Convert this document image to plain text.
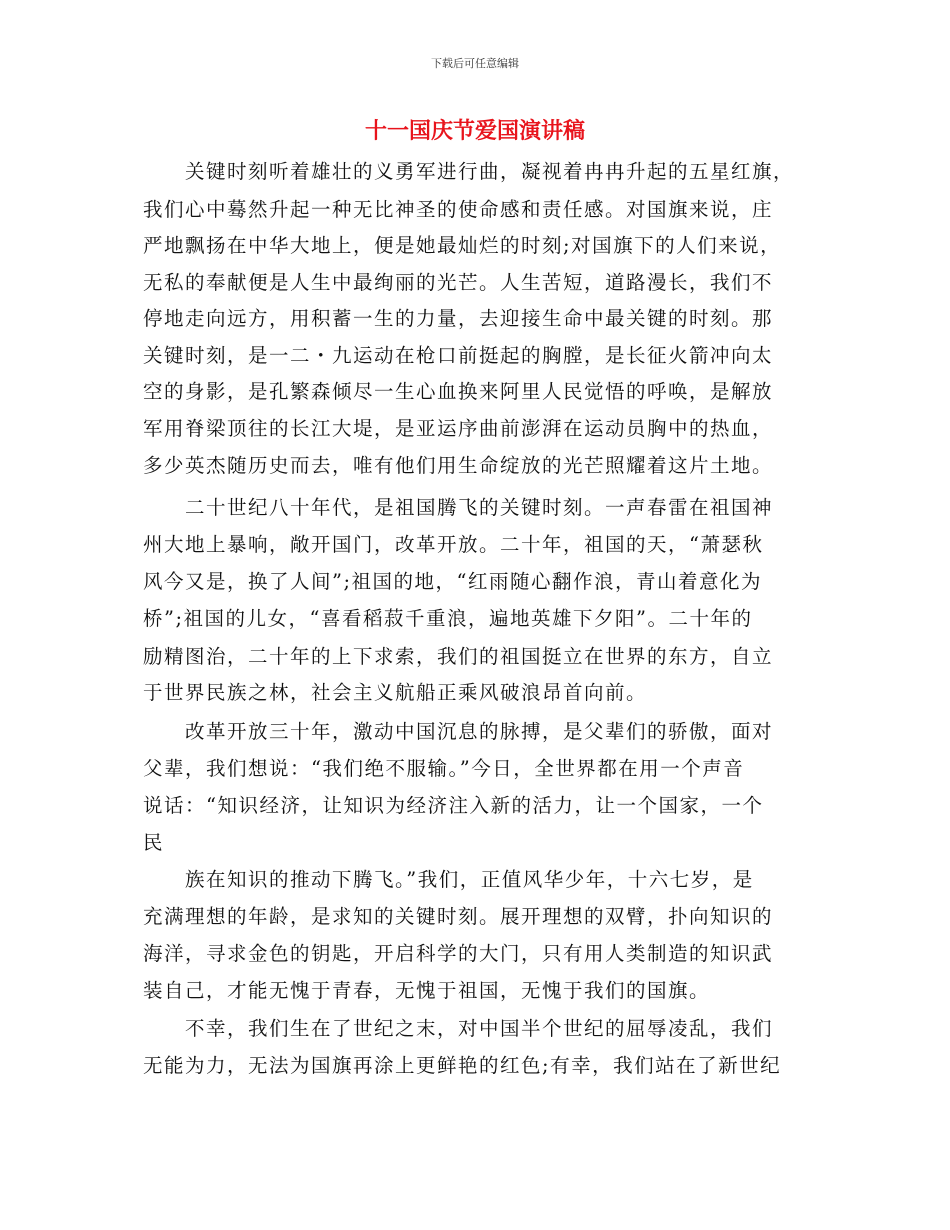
下载后可任意编辑
十一国庆节爱国演讲稿
关键时刻听着雄壮的义勇军进行曲，凝视着冉冉升起的五星红旗，
我们心中蓦然升起一种无比神圣的使命感和责任感。对国旗来说，庄
严地飘扬在中华大地上，便是她最灿烂的时刻;对国旗下的人们来说，
无私的奉献便是人生中最绚丽的光芒。人生苦短，道路漫长，我们不
停地走向远方，用积蓄一生的力量，去迎接生命中最关键的时刻。那
关键时刻，是一二・九运动在枪口前挺起的胸膛，是长征火箭冲向太
空的身影，是孔繁森倾尽一生心血换来阿里人民觉悟的呼唤，是解放
军用脊梁顶往的长江大堤，是亚运序曲前澎湃在运动员胸中的热血，
多少英杰随历史而去，唯有他们用生命绽放的光芒照耀着这片土地。
二十世纪八十年代，是祖国腾飞的关键时刻。一声春雷在祖国神
州大地上暴响，敞开国门，改革开放。二十年，祖国的天，“萧瑟秋
风今又是，换了人间”;祖国的地，“红雨随心翻作浪，青山着意化为
桥”;祖国的儿女，“喜看稻菽千重浪，遍地英雄下夕阳”。二十年的
励精图治，二十年的上下求索，我们的祖国挺立在世界的东方，自立
于世界民族之林，社会主义航船正乘风破浪昂首向前。
改革开放三十年，激动中国沉息的脉搏，是父辈们的骄傲，面对
父辈，我们想说：“我们绝不服输。”今日，全世界都在用一个声音
说话：“知识经济，让知识为经济注入新的活力，让一个国家，一个
民
族在知识的推动下腾飞。”我们，正值风华少年，十六七岁，是
充满理想的年龄，是求知的关键时刻。展开理想的双臂，扑向知识的
海洋，寻求金色的钥匙，开启科学的大门，只有用人类制造的知识武
装自己，才能无愧于青春，无愧于祖国，无愧于我们的国旗。
不幸，我们生在了世纪之末，对中国半个世纪的屈辱凌乱，我们
无能为力，无法为国旗再涂上更鲜艳的红色;有幸，我们站在了新世纪
